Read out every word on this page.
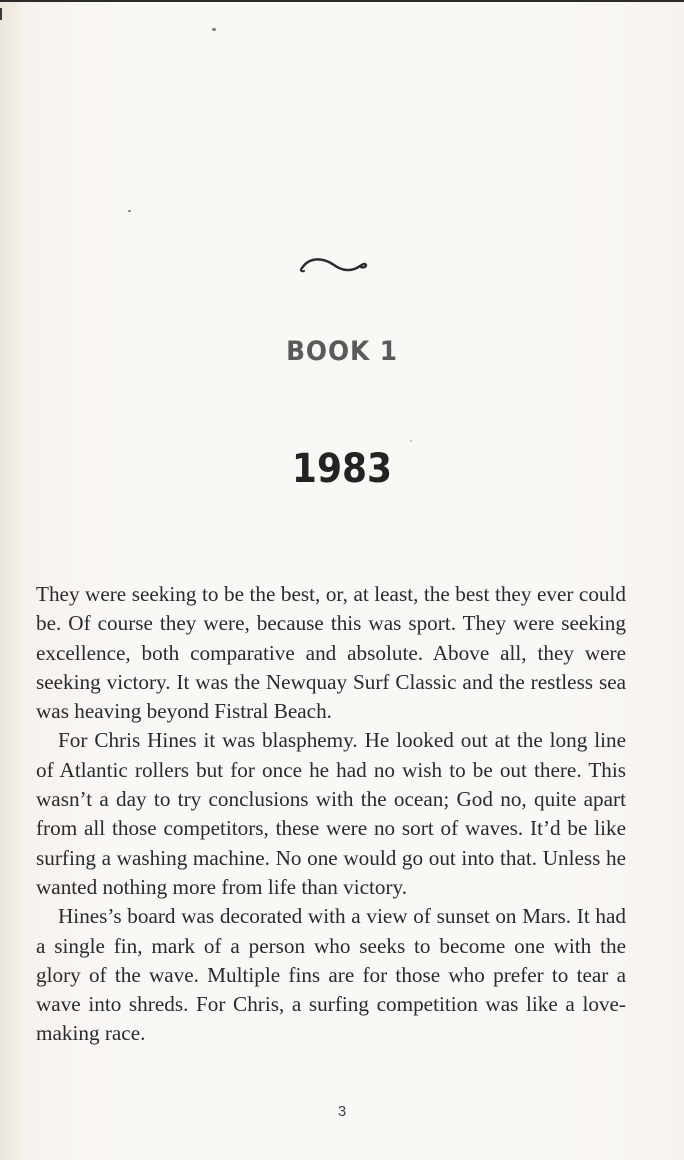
BOOK 1
1983

They were seeking to be the best, or, at least, the best they ever could be. Of course they were, because this was sport. They were seeking excellence, both comparative and absolute. Above all, they were seeking victory. It was the Newquay Surf Classic and the restless sea was heaving beyond Fistral Beach.

For Chris Hines it was blasphemy. He looked out at the long line of Atlantic rollers but for once he had no wish to be out there. This wasn’t a day to try conclusions with the ocean; God no, quite apart from all those competitors, these were no sort of waves. It’d be like surfing a washing machine. No one would go out into that. Unless he wanted nothing more from life than victory.

Hines’s board was decorated with a view of sunset on Mars. It had a single fin, mark of a person who seeks to become one with the glory of the wave. Multiple fins are for those who prefer to tear a wave into shreds. For Chris, a surfing competition was like a love-making race.

3
